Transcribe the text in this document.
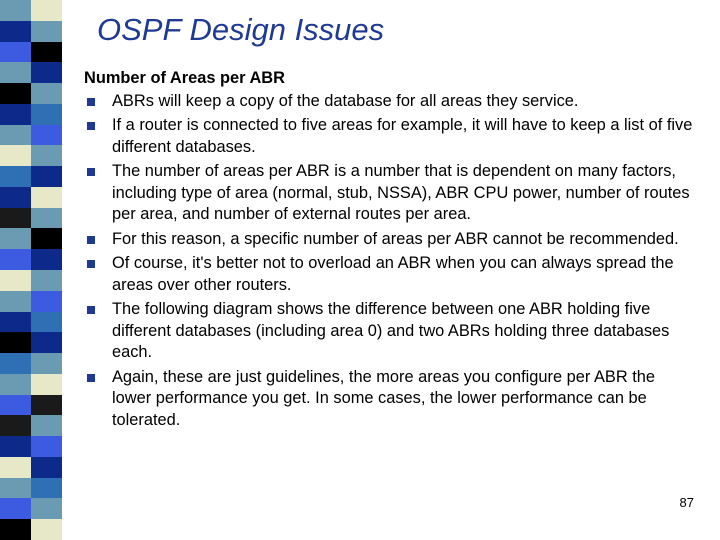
OSPF Design Issues
Number of Areas per ABR
ABRs will keep a copy of the database for all areas they service.
If a router is connected to five areas for example, it will have to keep a list of five different databases.
The number of areas per ABR is a number that is dependent on many factors, including type of area (normal, stub, NSSA), ABR CPU power, number of routes per area, and number of external routes per area.
For this reason, a specific number of areas per ABR cannot be recommended.
Of course, it's better not to overload an ABR when you can always spread the areas over other routers.
The following diagram shows the difference between one ABR holding five different databases (including area 0) and two ABRs holding three databases each.
Again, these are just guidelines, the more areas you configure per ABR the lower performance you get. In some cases, the lower performance can be tolerated.
87
